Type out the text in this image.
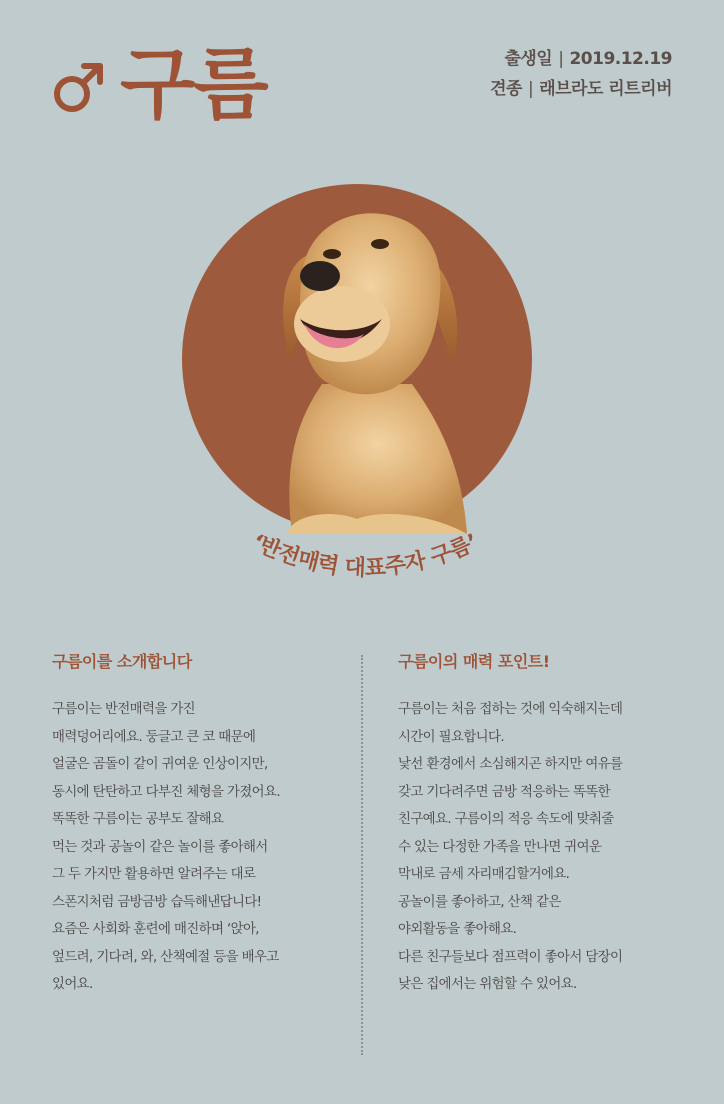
구름	출생일 | 2019.12.19
견종 | 래브라도 리트리버
‘반전매력 대표주자 구름’
구름이를 소개합니다

구름이는 반전매력을 가진

매력덩어리에요. 둥글고 큰 코 때문에

얼굴은 곰돌이 같이 귀여운 인상이지만,

동시에 탄탄하고 다부진 체형을 가졌어요.

똑똑한 구름이는 공부도 잘해요

먹는 것과 공놀이 같은 놀이를 좋아해서

그 두 가지만 활용하면 알려주는 대로

스폰지처럼 금방금방 습득해낸답니다!

요즘은 사회화 훈련에 매진하며 ‘앉아,

엎드려, 기다려, 와, 산책예절 등을 배우고

있어요.

구름이의 매력 포인트!

구름이는 처음 접하는 것에 익숙해지는데

시간이 필요합니다.

낯선 환경에서 소심해지곤 하지만 여유를

갖고 기다려주면 금방 적응하는 똑똑한

친구예요. 구름이의 적응 속도에 맞춰줄

수 있는 다정한 가족을 만나면 귀여운

막내로 금세 자리매김할거에요.

공놀이를 좋아하고, 산책 같은

야외활동을 좋아해요.

다른 친구들보다 점프력이 좋아서 담장이

낮은 집에서는 위험할 수 있어요.
